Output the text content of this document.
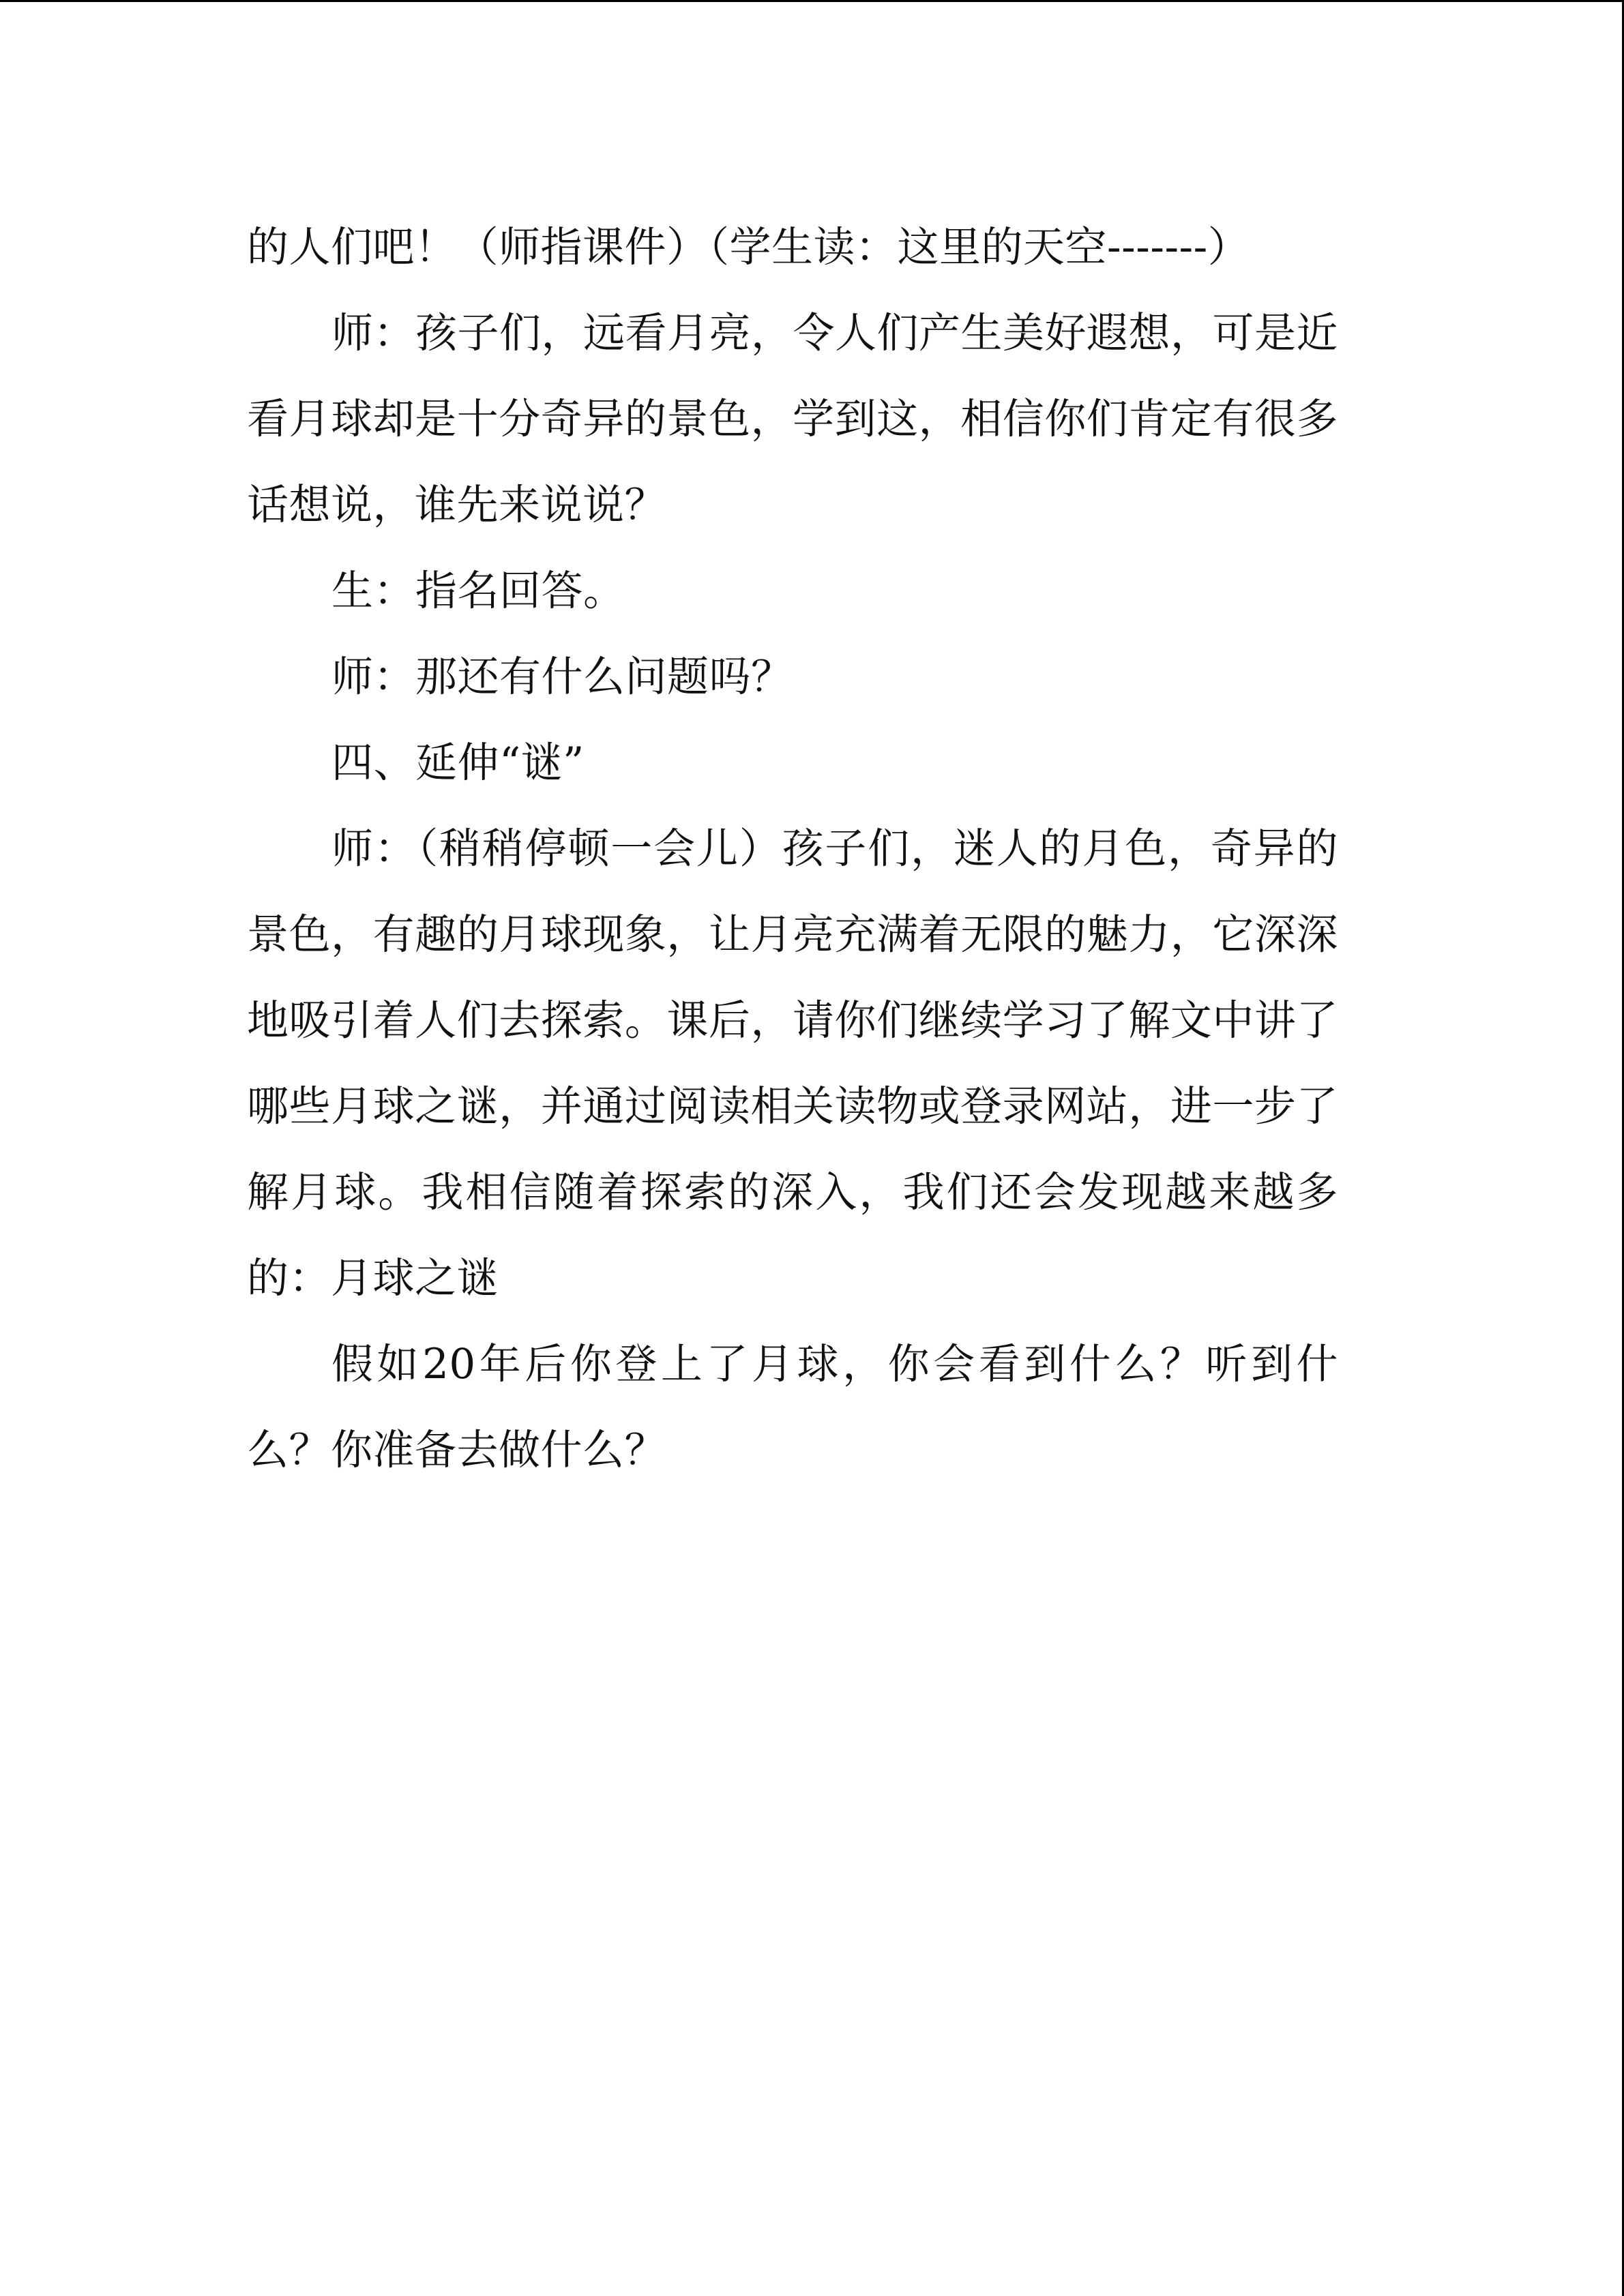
的人们吧！（师指课件）（学生读：这里的天空-------）

师：孩子们，远看月亮，令人们产生美好遐想，可是近看月球却是十分奇异的景色，学到这，相信你们肯定有很多话想说，谁先来说说？

生：指名回答。

师：那还有什么问题吗？

四、延伸“谜”

师：（稍稍停顿一会儿）孩子们，迷人的月色，奇异的景色，有趣的月球现象，让月亮充满着无限的魅力，它深深地吸引着人们去探索。课后，请你们继续学习了解文中讲了哪些月球之谜，并通过阅读相关读物或登录网站，进一步了解月球。我相信随着探索的深入，我们还会发现越来越多的：月球之谜

假如20年后你登上了月球，你会看到什么？听到什么？你准备去做什么？
